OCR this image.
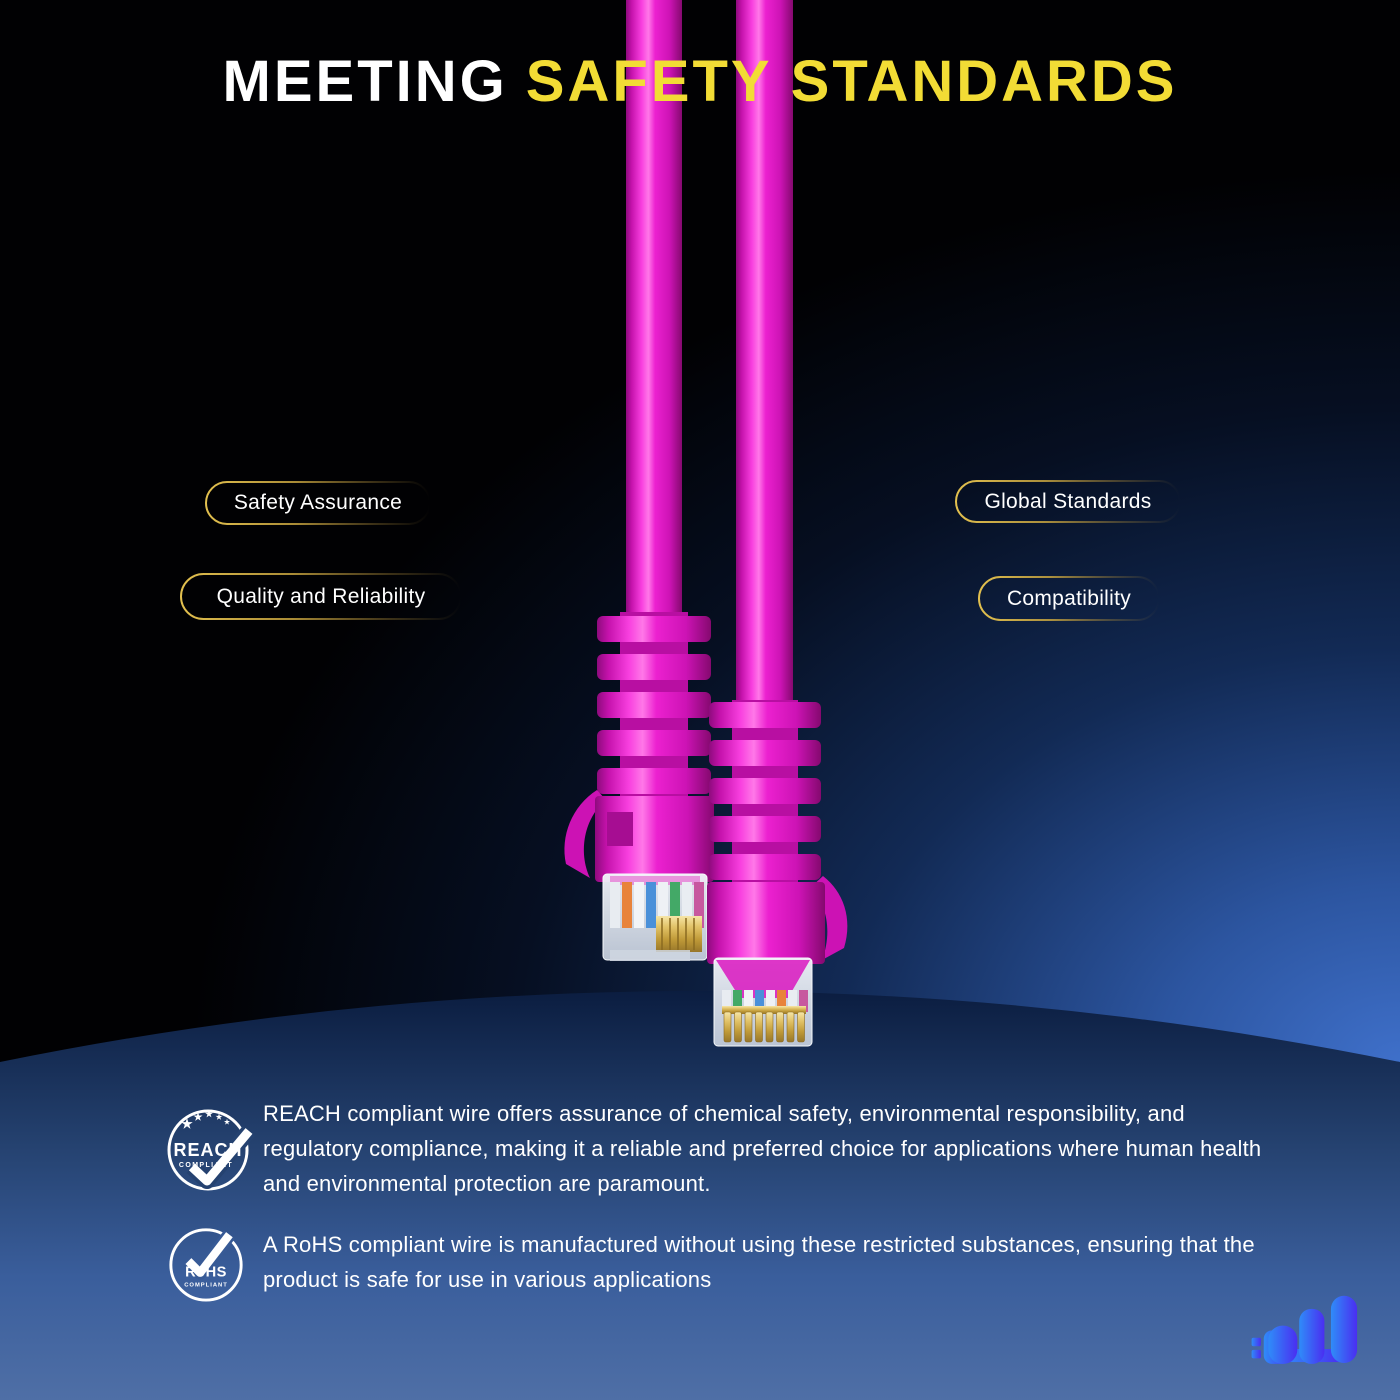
MEETING SAFETY STANDARDS
Safety Assurance
Quality and Reliability
Global Standards
Compatibility
REACH
COMPLIANT

REACH compliant wire offers assurance of chemical safety, environmental responsibility, and regulatory compliance, making it a reliable and preferred choice for applications where human health and environmental protection are paramount.

RoHS
COMPLIANT

A RoHS compliant wire is manufactured without using these restricted substances, ensuring that the product is safe for use in various applications
